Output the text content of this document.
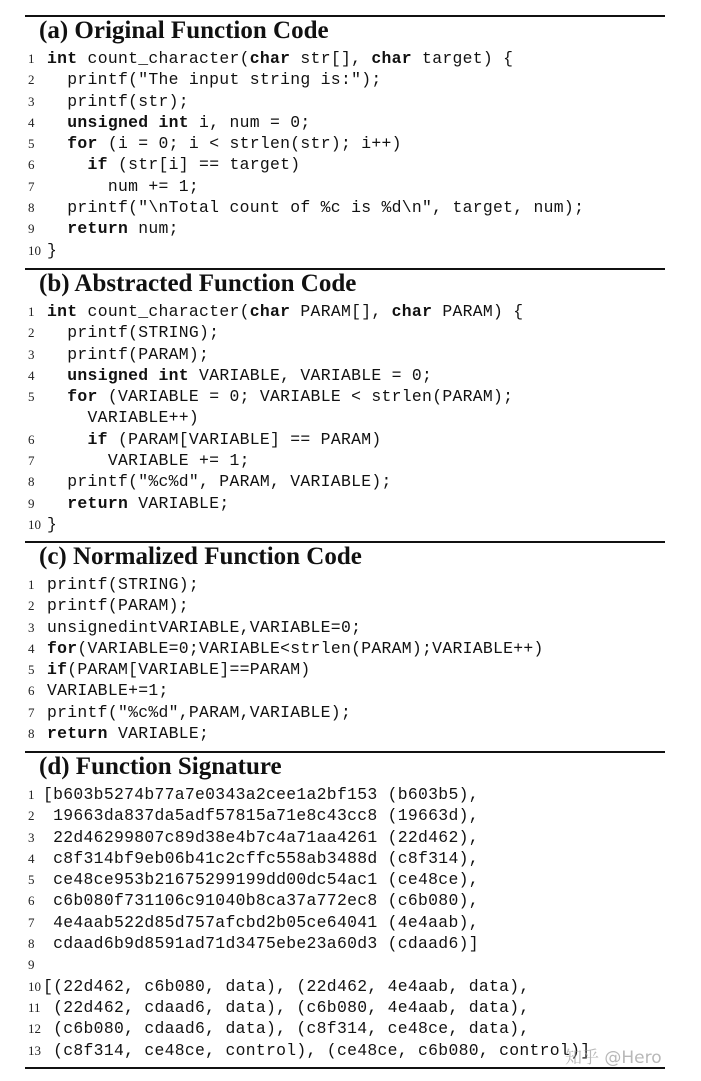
(a) Original Function Code
1 int count_character(char str[], char target) {
2  printf("The input string is:");
3  printf(str);
4 unsigned int i, num = 0;
5 for (i = 0; i < strlen(str); i++)
6	if (str[i] == target)
7      num += 1;
8  printf("\nTotal count of %c is %d\n", target, num);
9 return num;
10 }
(b) Abstracted Function Code
1 int count_character(char PARAM[], char PARAM) {
2  printf(STRING);
3  printf(PARAM);
4 unsigned int VARIABLE, VARIABLE = 0;
5 for (VARIABLE = 0; VARIABLE < strlen(PARAM);
VARIABLE++)
6	if (PARAM[VARIABLE] == PARAM)
7      VARIABLE += 1;
8  printf("%c%d", PARAM, VARIABLE);
9 return VARIABLE;
10 }
(c) Normalized Function Code
1 printf(STRING);
2 printf(PARAM);
3 unsignedintVARIABLE,VARIABLE=0;
4 for(VARIABLE=0;VARIABLE<strlen(PARAM);VARIABLE++)
5 if(PARAM[VARIABLE]==PARAM)
6 VARIABLE+=1;
7 printf("%c%d",PARAM,VARIABLE);
8 return VARIABLE;
(d) Function Signature
1 [b603b5274b77a7e0343a2cee1a2bf153 (b603b5),
2 19663da837da5adf57815a71e8c43cc8 (19663d),
3 22d46299807c89d38e4b7c4a71aa4261 (22d462),
4 c8f314bf9eb06b41c2cffc558ab3488d (c8f314),
5 ce48ce953b21675299199dd00dc54ac1 (ce48ce),
6 c6b080f731106c91040b8ca37a772ec8 (c6b080),
7 4e4aab522d85d757afcbd2b05ce64041 (4e4aab),
8 cdaad6b9d8591ad71d3475ebe23a60d3 (cdaad6)]
9
10 [(22d462, c6b080, data), (22d462, 4e4aab, data),
11 (22d462, cdaad6, data), (c6b080, 4e4aab, data),
12 (c6b080, cdaad6, data), (c8f314, ce48ce, data),
13 (c8f314, ce48ce, control), (ce48ce, c6b080, control)]
知乎 @Hero
